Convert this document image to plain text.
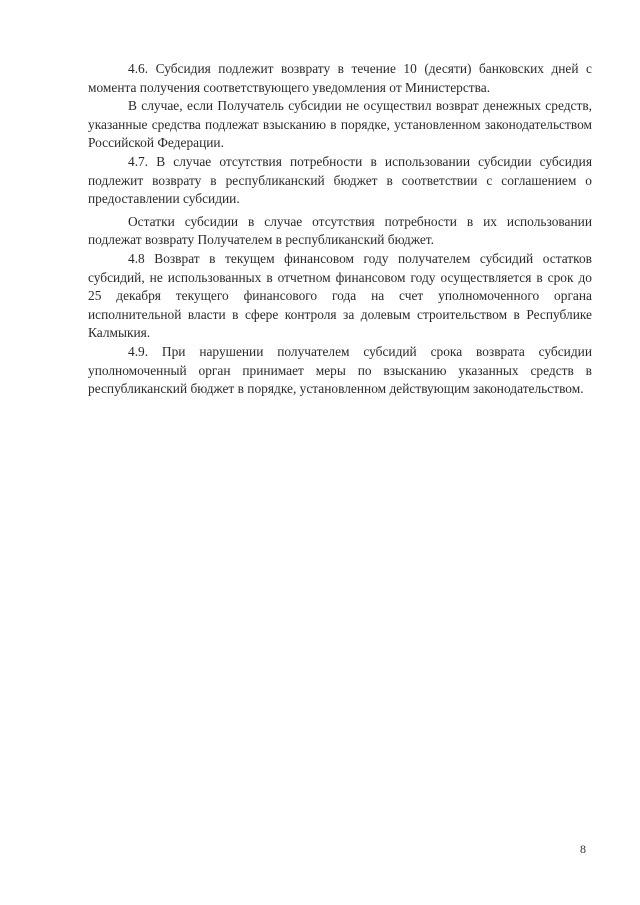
4.6. Субсидия подлежит возврату в течение 10 (десяти) банковских дней с момента получения соответствующего уведомления от Министерства.

В случае, если Получатель субсидии не осуществил возврат денежных средств, указанные средства подлежат взысканию в порядке, установленном законодательством Российской Федерации.

4.7. В случае отсутствия потребности в использовании субсидии субсидия подлежит возврату в республиканский бюджет в соответствии с соглашением о предоставлении субсидии.

Остатки субсидии в случае отсутствия потребности в их использовании подлежат возврату Получателем в республиканский бюджет.

4.8 Возврат в текущем финансовом году получателем субсидий остатков субсидий, не использованных в отчетном финансовом году осуществляется в срок до 25 декабря текущего финансового года на счет уполномоченного органа исполнительной власти в сфере контроля за долевым строительством в Республике Калмыкия.

4.9. При нарушении получателем субсидий срока возврата субсидии уполномоченный орган принимает меры по взысканию указанных средств в республиканский бюджет в порядке, установленном действующим законодательством.

8
